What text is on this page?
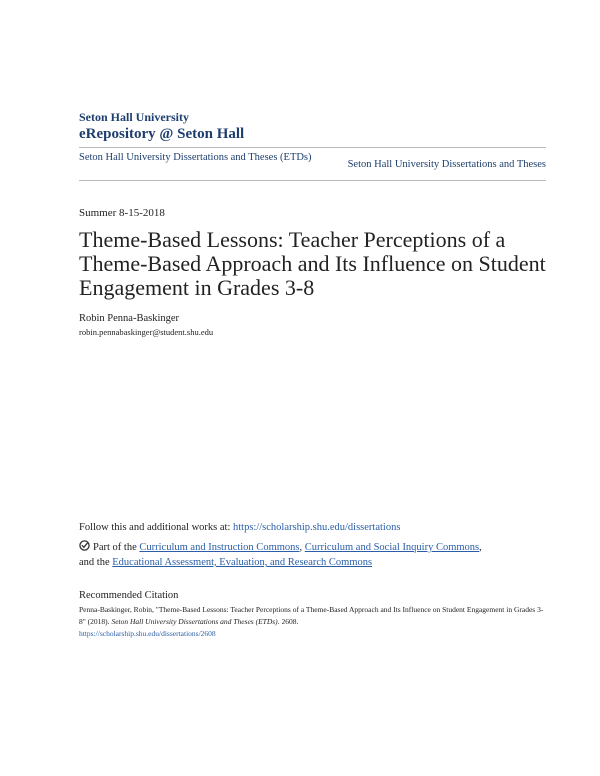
Seton Hall University
eRepository @ Seton Hall
Seton Hall University Dissertations and Theses (ETDs)
Seton Hall University Dissertations and Theses
Summer 8-15-2018
Theme-Based Lessons: Teacher Perceptions of a Theme-Based Approach and Its Influence on Student Engagement in Grades 3-8
Robin Penna-Baskinger
robin.pennabaskinger@student.shu.edu
Follow this and additional works at: https://scholarship.shu.edu/dissertations
Part of the Curriculum and Instruction Commons, Curriculum and Social Inquiry Commons,
and the Educational Assessment, Evaluation, and Research Commons
Recommended Citation
Penna-Baskinger, Robin, "Theme-Based Lessons: Teacher Perceptions of a Theme-Based Approach and Its Influence on Student Engagement in Grades 3-8" (2018). Seton Hall University Dissertations and Theses (ETDs). 2608.
https://scholarship.shu.edu/dissertations/2608
